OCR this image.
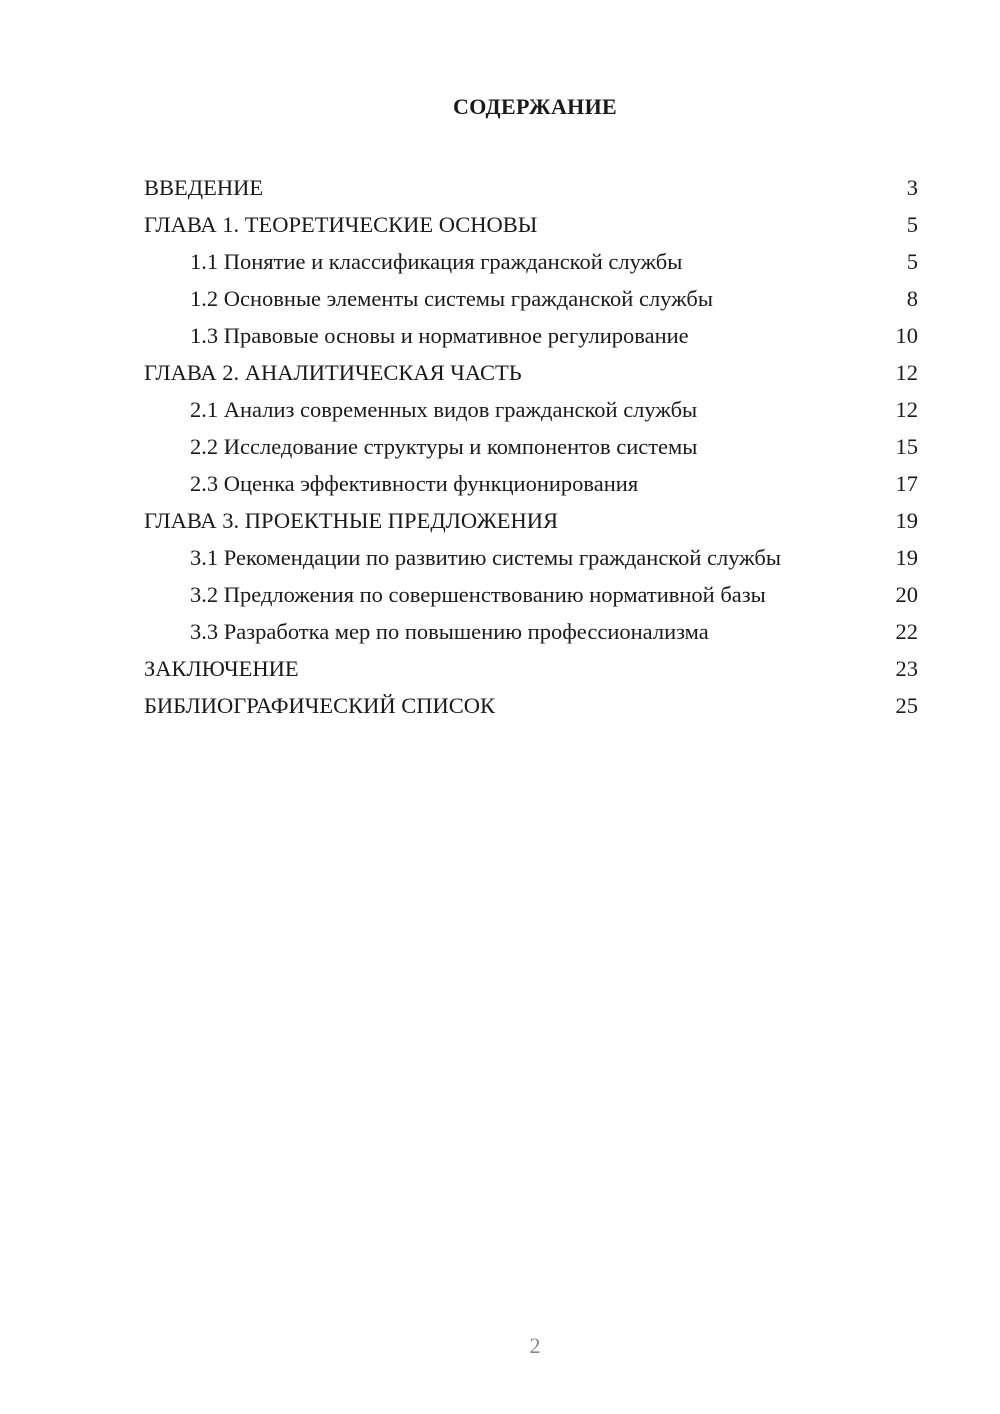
СОДЕРЖАНИЕ
ВВЕДЕНИЕ	3
ГЛАВА 1. ТЕОРЕТИЧЕСКИЕ ОСНОВЫ	5
1.1 Понятие и классификация гражданской службы	5
1.2 Основные элементы системы гражданской службы	8
1.3 Правовые основы и нормативное регулирование	10
ГЛАВА 2. АНАЛИТИЧЕСКАЯ ЧАСТЬ	12
2.1 Анализ современных видов гражданской службы	12
2.2 Исследование структуры и компонентов системы	15
2.3 Оценка эффективности функционирования	17
ГЛАВА 3. ПРОЕКТНЫЕ ПРЕДЛОЖЕНИЯ	19
3.1 Рекомендации по развитию системы гражданской службы	19
3.2 Предложения по совершенствованию нормативной базы	20
3.3 Разработка мер по повышению профессионализма	22
ЗАКЛЮЧЕНИЕ	23
БИБЛИОГРАФИЧЕСКИЙ СПИСОК	25
2
